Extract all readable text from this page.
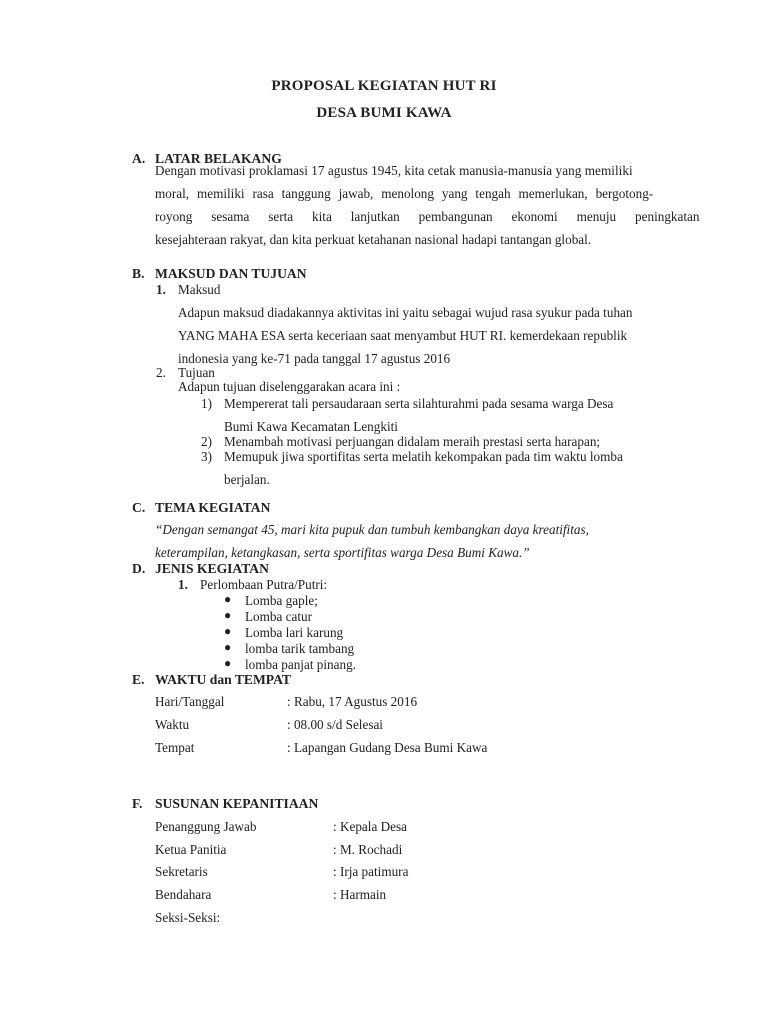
PROPOSAL KEGIATAN HUT RI
DESA BUMI KAWA
A. LATAR BELAKANG
Dengan motivasi proklamasi 17 agustus 1945, kita cetak manusia-manusia yang memiliki
moral, memiliki rasa tanggung jawab, menolong yang tengah memerlukan, bergotong-
royong sesama serta kita lanjutkan pembangunan ekonomi menuju peningkatan
kesejahteraan rakyat, dan kita perkuat ketahanan nasional hadapi tantangan global.
B. MAKSUD DAN TUJUAN
1. Maksud
Adapun maksud diadakannya aktivitas ini yaitu sebagai wujud rasa syukur pada tuhan
YANG MAHA ESA serta keceriaan saat menyambut HUT RI. kemerdekaan republik
indonesia yang ke-71 pada tanggal 17 agustus 2016
2. Tujuan
Adapun tujuan diselenggarakan acara ini :
1) Mempererat tali persaudaraan serta silahturahmi pada sesama warga Desa
Bumi Kawa Kecamatan Lengkiti
2) Menambah motivasi perjuangan didalam meraih prestasi serta harapan;
3) Memupuk jiwa sportifitas serta melatih kekompakan pada tim waktu lomba
berjalan.
C. TEMA KEGIATAN
“Dengan semangat 45, mari kita pupuk dan tumbuh kembangkan daya kreatifitas,
keterampilan, ketangkasan, serta sportifitas warga Desa Bumi Kawa.”
D. JENIS KEGIATAN
1. Perlombaan Putra/Putri:
● Lomba gaple;
● Lomba catur
● Lomba lari karung
● lomba tarik tambang
● lomba panjat pinang.
E. WAKTU dan TEMPAT
Hari/Tanggal	: Rabu, 17 Agustus 2016
Waktu	: 08.00 s/d Selesai
Tempat	: Lapangan Gudang Desa Bumi Kawa
F. SUSUNAN KEPANITIAAN
Penanggung Jawab	: Kepala Desa
Ketua Panitia	: M. Rochadi
Sekretaris	: Irja patimura
Bendahara	: Harmain
Seksi-Seksi:
